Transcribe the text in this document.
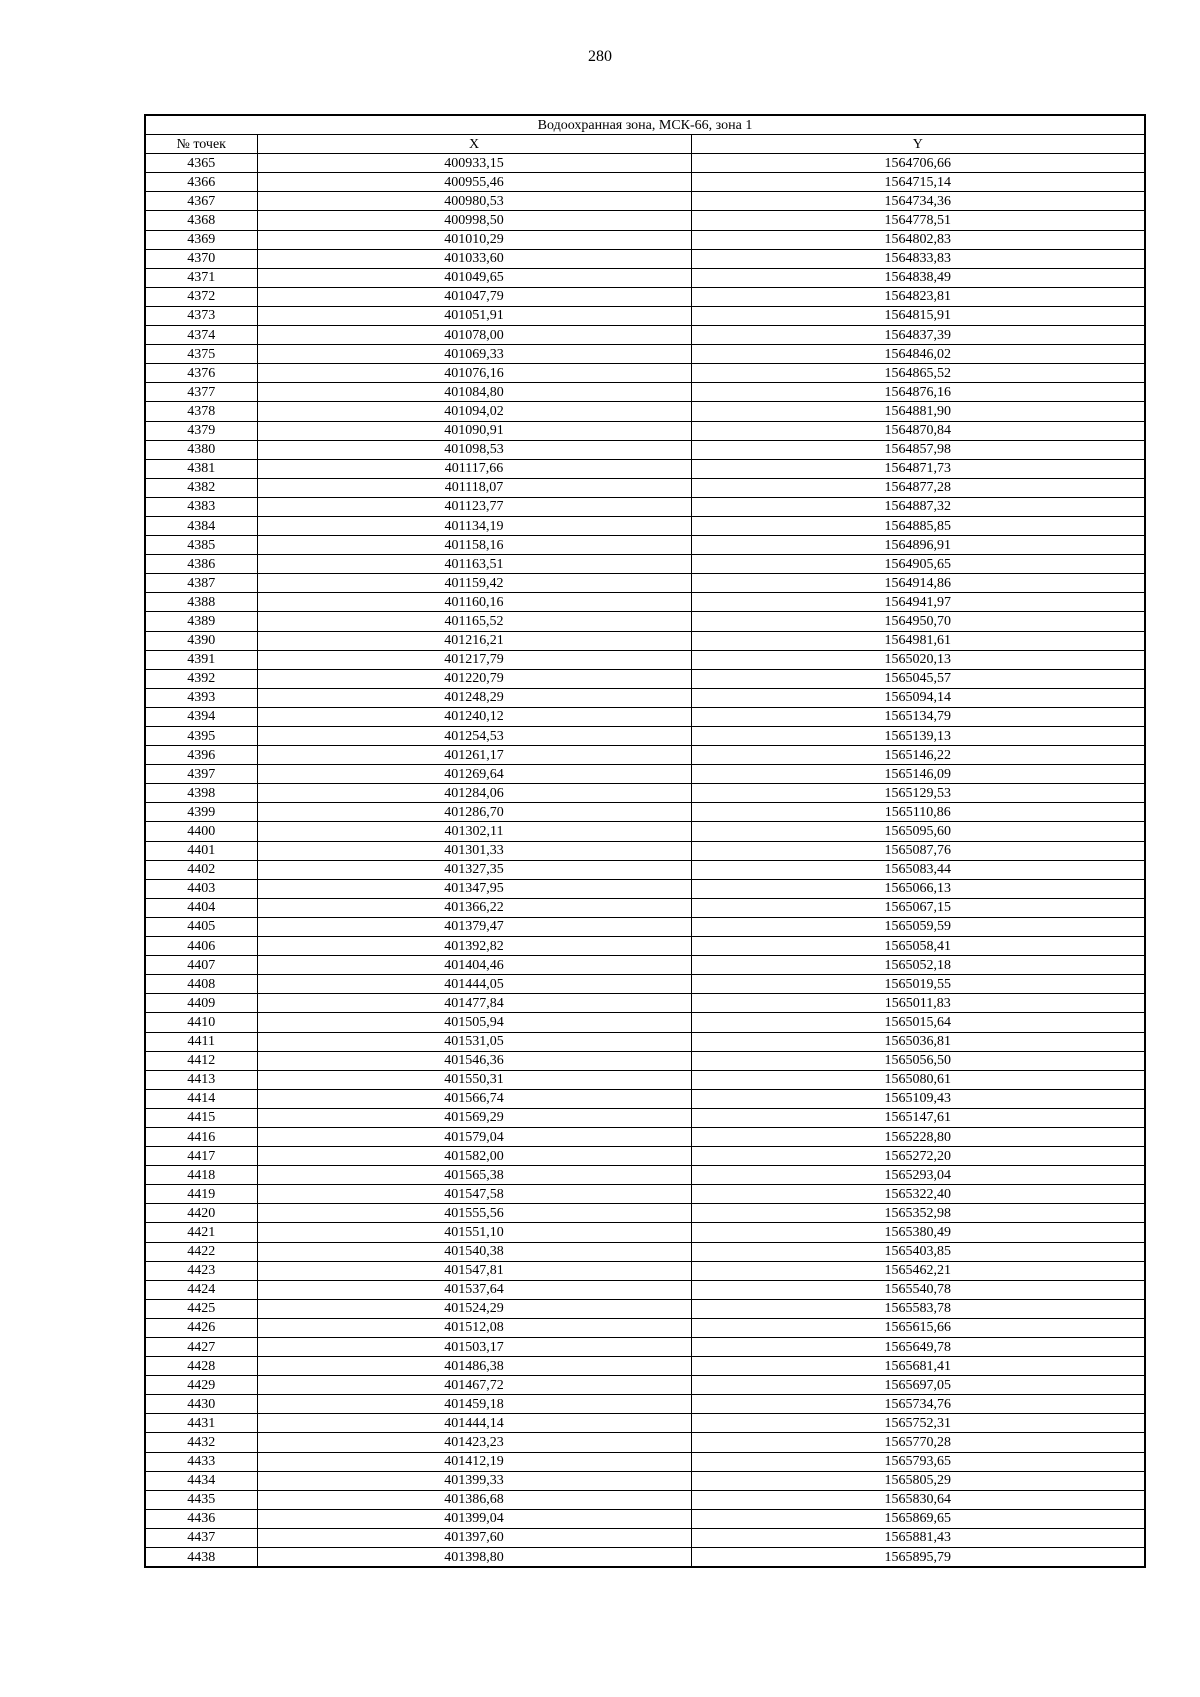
280
Водоохранная зона, МСК-66, зона 1		
№ точек	X	Y
4365	400933,15	1564706,66
4366	400955,46	1564715,14
4367	400980,53	1564734,36
4368	400998,50	1564778,51
4369	401010,29	1564802,83
4370	401033,60	1564833,83
4371	401049,65	1564838,49
4372	401047,79	1564823,81
4373	401051,91	1564815,91
4374	401078,00	1564837,39
4375	401069,33	1564846,02
4376	401076,16	1564865,52
4377	401084,80	1564876,16
4378	401094,02	1564881,90
4379	401090,91	1564870,84
4380	401098,53	1564857,98
4381	401117,66	1564871,73
4382	401118,07	1564877,28
4383	401123,77	1564887,32
4384	401134,19	1564885,85
4385	401158,16	1564896,91
4386	401163,51	1564905,65
4387	401159,42	1564914,86
4388	401160,16	1564941,97
4389	401165,52	1564950,70
4390	401216,21	1564981,61
4391	401217,79	1565020,13
4392	401220,79	1565045,57
4393	401248,29	1565094,14
4394	401240,12	1565134,79
4395	401254,53	1565139,13
4396	401261,17	1565146,22
4397	401269,64	1565146,09
4398	401284,06	1565129,53
4399	401286,70	1565110,86
4400	401302,11	1565095,60
4401	401301,33	1565087,76
4402	401327,35	1565083,44
4403	401347,95	1565066,13
4404	401366,22	1565067,15
4405	401379,47	1565059,59
4406	401392,82	1565058,41
4407	401404,46	1565052,18
4408	401444,05	1565019,55
4409	401477,84	1565011,83
4410	401505,94	1565015,64
4411	401531,05	1565036,81
4412	401546,36	1565056,50
4413	401550,31	1565080,61
4414	401566,74	1565109,43
4415	401569,29	1565147,61
4416	401579,04	1565228,80
4417	401582,00	1565272,20
4418	401565,38	1565293,04
4419	401547,58	1565322,40
4420	401555,56	1565352,98
4421	401551,10	1565380,49
4422	401540,38	1565403,85
4423	401547,81	1565462,21
4424	401537,64	1565540,78
4425	401524,29	1565583,78
4426	401512,08	1565615,66
4427	401503,17	1565649,78
4428	401486,38	1565681,41
4429	401467,72	1565697,05
4430	401459,18	1565734,76
4431	401444,14	1565752,31
4432	401423,23	1565770,28
4433	401412,19	1565793,65
4434	401399,33	1565805,29
4435	401386,68	1565830,64
4436	401399,04	1565869,65
4437	401397,60	1565881,43
4438	401398,80	1565895,79
